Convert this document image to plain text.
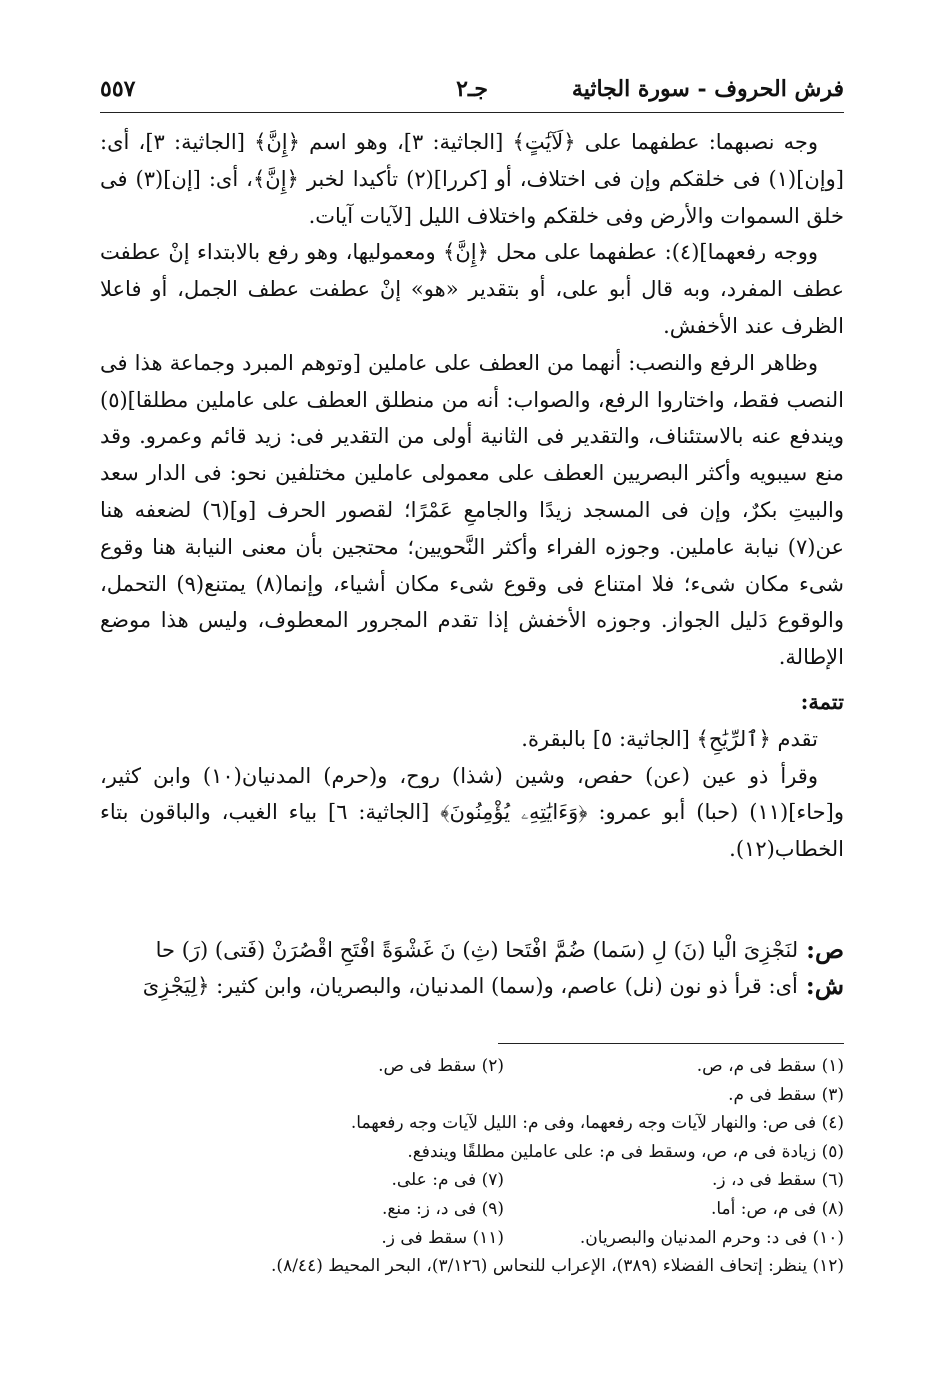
فرش الحروف - سورة الجاثية
جـ٢
٥٥٧

وجه نصبهما: عطفهما على ﴿لَآيَٰتٍ﴾ [الجاثية: ٣]، وهو اسم ﴿إِنَّ﴾ [الجاثية: ٣]، أى: [وإن](١) فى خلقكم وإن فى اختلاف، أو [كررا](٢) تأكيدا لخبر ﴿إِنَّ﴾، أى: [إن](٣) فى خلق السموات والأرض وفى خلقكم واختلاف الليل [لآيات آيات.

ووجه رفعهما](٤): عطفهما على محل ﴿إِنَّ﴾ ومعموليها، وهو رفع بالابتداء إنْ عطفت عطف المفرد، وبه قال أبو على، أو بتقدير «هو» إنْ عطفت عطف الجمل، أو فاعلا الظرف عند الأخفش.

وظاهر الرفع والنصب: أنهما من العطف على عاملين [وتوهم المبرد وجماعة هذا فى النصب فقط، واختاروا الرفع، والصواب: أنه من منطلق العطف على عاملين مطلقا](٥) ويندفع عنه بالاستئناف، والتقدير فى الثانية أولى من التقدير فى: زيد قائم وعمرو. وقد منع سيبويه وأكثر البصريين العطف على معمولى عاملين مختلفين نحو: فى الدار سعد والبيتِ بكرٌ، وإن فى المسجد زيدًا والجامعِ عَمْرًا؛ لقصور الحرف [و](٦) لضعفه هنا عن(٧) نيابة عاملين. وجوزه الفراء وأكثر النَّحويين؛ محتجين بأن معنى النيابة هنا وقوع شىء مكان شىء؛ فلا امتناع فى وقوع شىء مكان أشياء، وإنما(٨) يمتنع(٩) التحمل، والوقوع دَليل الجواز. وجوزه الأخفش إذا تقدم المجرور المعطوف، وليس هذا موضع الإطالة.

تتمة:

تقدم ﴿ٱلرِّيَٰحِ﴾ [الجاثية: ٥] بالبقرة.

وقرأ ذو عين (عن) حفص، وشين (شذا) روح، و(حرم) المدنيان(١٠) وابن كثير، و[حاء](١١) (حبا) أبو عمرو: ﴿وَءَايَٰتِهِۦ يُؤْمِنُونَ﴾ [الجاثية: ٦] بياء الغيب، والباقون بتاء الخطاب(١٢).

ص:
لنَجْزِىَ الْيا (نَ) لِ (سَما) ضُمَّ افْتَحا (ثِ) نَ غَشْوَةً افْتَحِ اقْصُرَنْ (فَتى) (رَ) حا
ش:
أى: قرأ ذو نون (نل) عاصم، و(سما) المدنيان، والبصريان، وابن كثير: ﴿لِيَجْزِىَ
(١) سقط فى م، ص.
(٢) سقط فى ص.
(٣) سقط فى م.
(٤) فى ص: والنهار لآيات وجه رفعهما، وفى م: الليل لآيات وجه رفعهما.
(٥) زيادة فى م، ص، وسقط فى م: على عاملين مطلقًا ويندفع.
(٦) سقط فى د، ز.
(٧) فى م: على.
(٨) فى م، ص: أما.
(٩) فى د، ز: منع.
(١٠) فى د: وحرم المدنيان والبصريان.
(١١) سقط فى ز.
(١٢) ينظر: إتحاف الفضلاء (٣٨٩)، الإعراب للنحاس (٣/١٢٦)، البحر المحيط (٨/٤٤).
